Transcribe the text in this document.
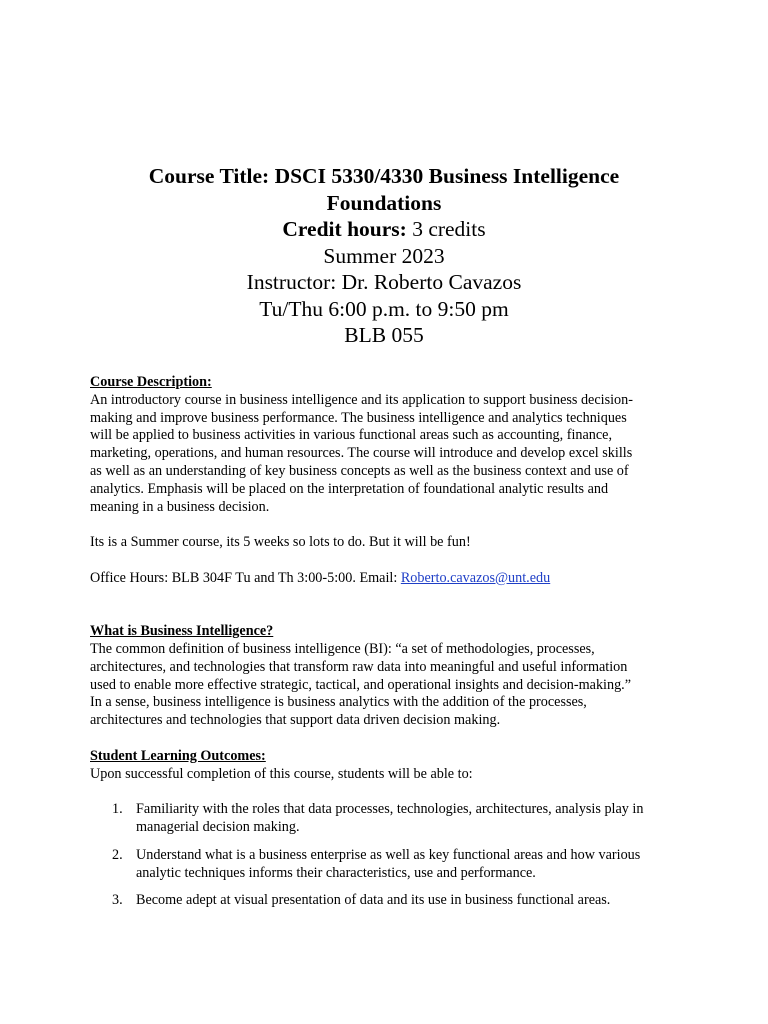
Course Title: DSCI 5330/4330 Business Intelligence
Foundations
Credit hours: 3 credits
Summer 2023
Instructor: Dr. Roberto Cavazos
Tu/Thu 6:00 p.m. to 9:50 pm
BLB 055
Course Description:
An introductory course in business intelligence and its application to support business decision-
making and improve business performance. The business intelligence and analytics techniques
will be applied to business activities in various functional areas such as accounting, finance,
marketing, operations, and human resources. The course will introduce and develop excel skills
as well as an understanding of key business concepts as well as the business context and use of
analytics. Emphasis will be placed on the interpretation of foundational analytic results and
meaning in a business decision.
Its is a Summer course, its 5 weeks so lots to do. But it will be fun!
Office Hours: BLB 304F Tu and Th 3:00-5:00. Email: Roberto.cavazos@unt.edu
What is Business Intelligence?
The common definition of business intelligence (BI): “a set of methodologies, processes,
architectures, and technologies that transform raw data into meaningful and useful information
used to enable more effective strategic, tactical, and operational insights and decision-making.”
In a sense, business intelligence is business analytics with the addition of the processes,
architectures and technologies that support data driven decision making.
Student Learning Outcomes:
Upon successful completion of this course, students will be able to:
1. Familiarity with the roles that data processes, technologies, architectures, analysis play in
managerial decision making.
2. Understand what is a business enterprise as well as key functional areas and how various
analytic techniques informs their characteristics, use and performance.
3. Become adept at visual presentation of data and its use in business functional areas.
